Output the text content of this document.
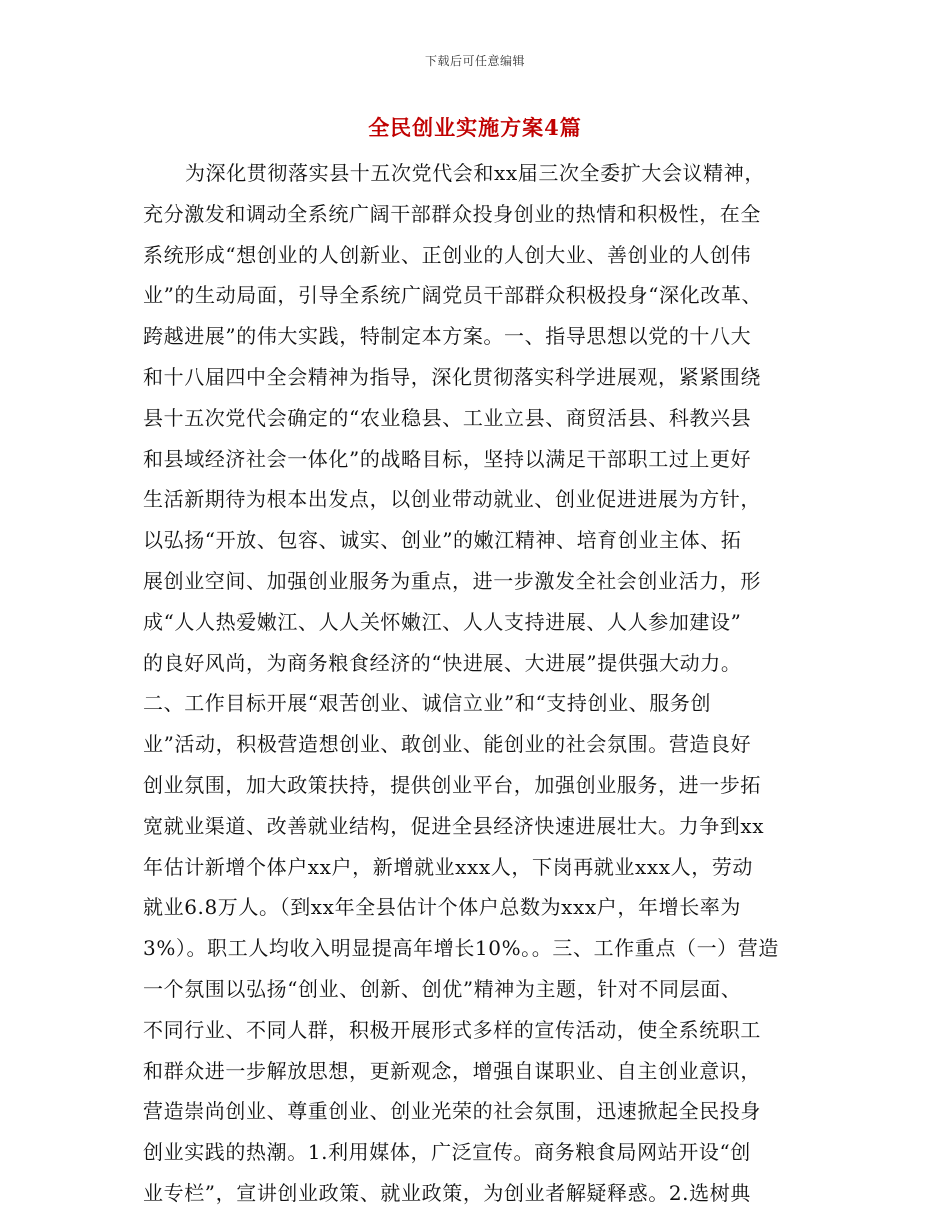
下载后可任意编辑
全民创业实施方案4篇
为深化贯彻落实县十五次党代会和xx届三次全委扩大会议精神，
充分激发和调动全系统广阔干部群众投身创业的热情和积极性，在全
系统形成“想创业的人创新业、正创业的人创大业、善创业的人创伟
业”的生动局面，引导全系统广阔党员干部群众积极投身“深化改革、
跨越进展”的伟大实践，特制定本方案。一、指导思想以党的十八大
和十八届四中全会精神为指导，深化贯彻落实科学进展观，紧紧围绕
县十五次党代会确定的“农业稳县、工业立县、商贸活县、科教兴县
和县域经济社会一体化”的战略目标，坚持以满足干部职工过上更好
生活新期待为根本出发点，以创业带动就业、创业促进进展为方针，
以弘扬“开放、包容、诚实、创业”的嫩江精神、培育创业主体、拓
展创业空间、加强创业服务为重点，进一步激发全社会创业活力，形
成“人人热爱嫩江、人人关怀嫩江、人人支持进展、人人参加建设”
的良好风尚，为商务粮食经济的“快进展、大进展”提供强大动力。
二、工作目标开展“艰苦创业、诚信立业”和“支持创业、服务创
业”活动，积极营造想创业、敢创业、能创业的社会氛围。营造良好
创业氛围，加大政策扶持，提供创业平台，加强创业服务，进一步拓
宽就业渠道、改善就业结构，促进全县经济快速进展壮大。力争到xx
年估计新增个体户xx户，新增就业xxx人，下岗再就业xxx人，劳动
就业6.8万人。（到xx年全县估计个体户总数为xxx户，年增长率为
3%）。职工人均收入明显提高年增长10%。。三、工作重点（一）营造
一个氛围以弘扬“创业、创新、创优”精神为主题，针对不同层面、
不同行业、不同人群，积极开展形式多样的宣传活动，使全系统职工
和群众进一步解放思想，更新观念，增强自谋职业、自主创业意识，
营造崇尚创业、尊重创业、创业光荣的社会氛围，迅速掀起全民投身
创业实践的热潮。1.利用媒体，广泛宣传。商务粮食局网站开设“创
业专栏”，宣讲创业政策、就业政策，为创业者解疑释惑。2.选树典
